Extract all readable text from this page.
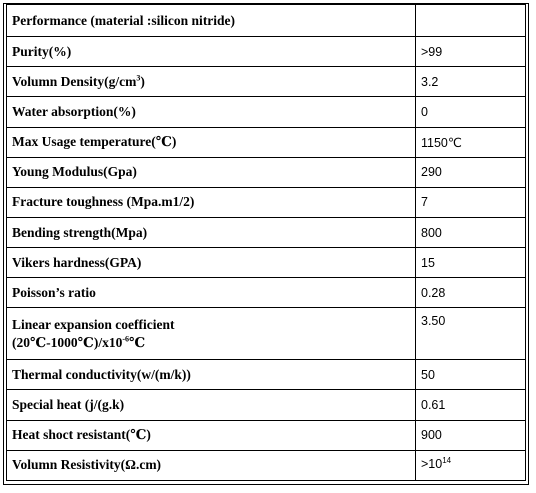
Performance (material :silicon nitride)	
Purity(%)	>99
Volumn $Density(g/cm^3)$	3.2
Water absorption(%)	0
Max Usage temperature(℃)	1150℃
Young Modulus(Gpa)	290
Fracture toughness (Mpa.m1/2)	7
Bending strength(Mpa)	800
Vikers hardness(GPA)	15
Poisson’s ratio	0.28
Linear expansion coefficient
$(20℃-1000℃)/x10^{-6}℃$	3.50
Thermal conductivity(w/(m/k))	50
Special heat (j/(g.k)	0.61
Heat shoct resistant(℃)	900
Volumn Resistivity(Ω.cm)	$>10^{14}$
